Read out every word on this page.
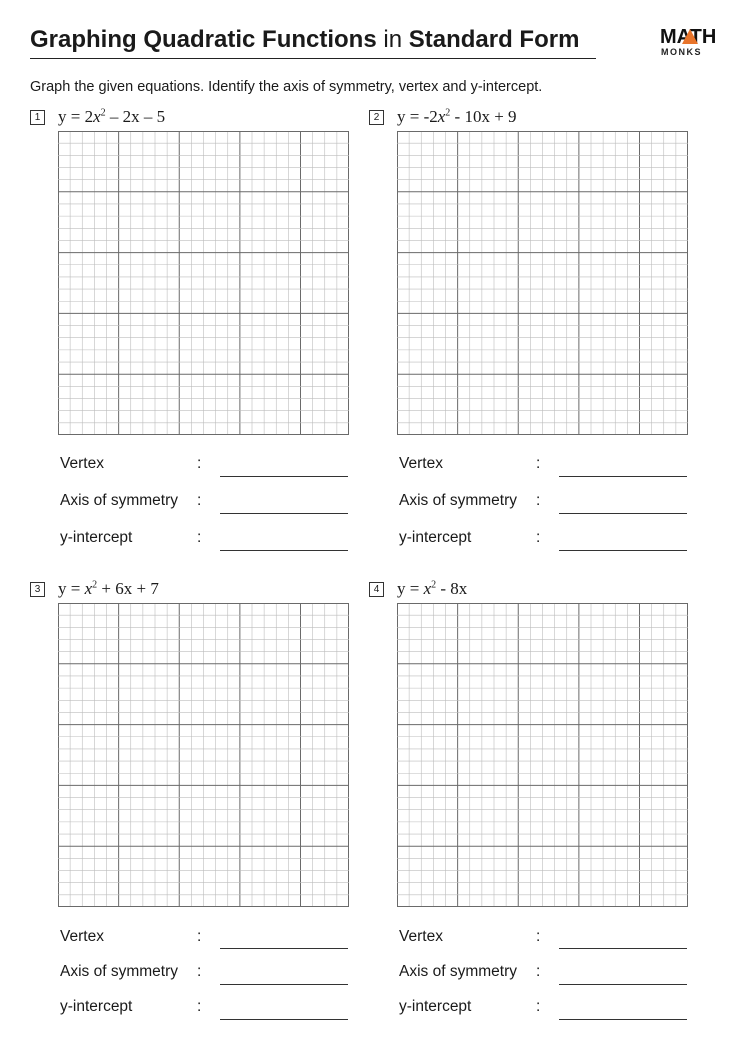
Graphing Quadratic Functions in Standard Form	MATH
MONKS
Graph the given equations. Identify the axis of symmetry, vertex and y-intercept.
1 $y = 2x^2 - 2x - 5$
Vertex	:
Axis of symmetry :
y-intercept	:
2 $y = -2x^2 - 10x + 9$
Vertex	:
Axis of symmetry :
y-intercept	:
3 $y = x^2 + 6x + 7$
Vertex	:
Axis of symmetry :
y-intercept	:
4 $y = x^2 - 8x$
Vertex	:
Axis of symmetry :
y-intercept	:
